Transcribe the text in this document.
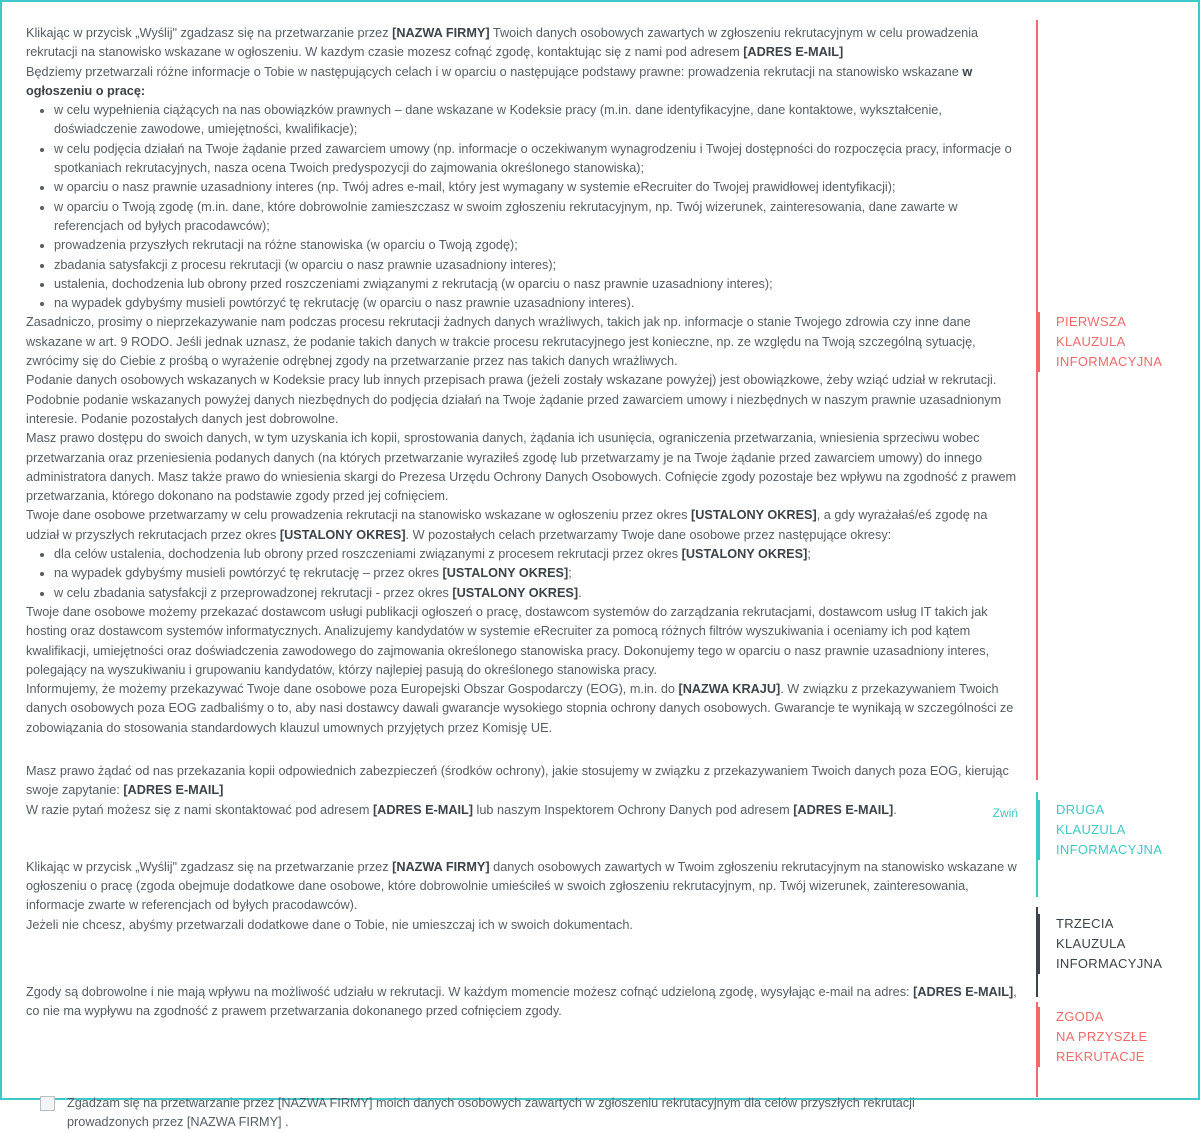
Klikając w przycisk „Wyślij" zgadzasz się na przetwarzanie przez [NAZWA FIRMY] Twoich danych osobowych zawartych w zgłoszeniu rekrutacyjnym w celu prowadzenia rekrutacji na stanowisko wskazane w ogłoszeniu. W kazdym czasie mozesz cofnąć zgodę, kontaktując się z nami pod adresem [ADRES E-MAIL]

Będziemy przetwarzali różne informacje o Tobie w następujących celach i w oparciu o następujące podstawy prawne: prowadzenia rekrutacji na stanowisko wskazane w ogłoszeniu o pracę:

• w celu wypełnienia ciążących na nas obowiązków prawnych – dane wskazane w Kodeksie pracy (m.in. dane identyfikacyjne, dane kontaktowe, wykształcenie, doświadczenie zawodowe, umiejętności, kwalifikacje);
• w celu podjęcia działań na Twoje żądanie przed zawarciem umowy (np. informacje o oczekiwanym wynagrodzeniu i Twojej dostępności do rozpoczęcia pracy, informacje o spotkaniach rekrutacyjnych, nasza ocena Twoich predyspozycji do zajmowania określonego stanowiska);
• w oparciu o nasz prawnie uzasadniony interes (np. Twój adres e-mail, który jest wymagany w systemie eRecruiter do Twojej prawidłowej identyfikacji);
• w oparciu o Twoją zgodę (m.in. dane, które dobrowolnie zamieszczasz w swoim zgłoszeniu rekrutacyjnym, np. Twój wizerunek, zainteresowania, dane zawarte w referencjach od byłych pracodawców);
• prowadzenia przyszłych rekrutacji na różne stanowiska (w oparciu o Twoją zgodę);
• zbadania satysfakcji z procesu rekrutacji (w oparciu o nasz prawnie uzasadniony interes);
• ustalenia, dochodzenia lub obrony przed roszczeniami związanymi z rekrutacją (w oparciu o nasz prawnie uzasadniony interes);
• na wypadek gdybyśmy musieli powtórzyć tę rekrutację (w oparciu o nasz prawnie uzasadniony interes).

Zasadniczo, prosimy o nieprzekazywanie nam podczas procesu rekrutacji żadnych danych wrażliwych, takich jak np. informacje o stanie Twojego zdrowia czy inne dane wskazane w art. 9 RODO. Jeśli jednak uznasz, że podanie takich danych w trakcie procesu rekrutacyjnego jest konieczne, np. ze względu na Twoją szczególną sytuację, zwrócimy się do Ciebie z prośbą o wyrażenie odrębnej zgody na przetwarzanie przez nas takich danych wrażliwych.

Podanie danych osobowych wskazanych w Kodeksie pracy lub innych przepisach prawa (jeżeli zostały wskazane powyżej) jest obowiązkowe, żeby wziąć udział w rekrutacji. Podobnie podanie wskazanych powyżej danych niezbędnych do podjęcia działań na Twoje żądanie przed zawarciem umowy i niezbędnych w naszym prawnie uzasadnionym interesie. Podanie pozostałych danych jest dobrowolne.

Masz prawo dostępu do swoich danych, w tym uzyskania ich kopii, sprostowania danych, żądania ich usunięcia, ograniczenia przetwarzania, wniesienia sprzeciwu wobec przetwarzania oraz przeniesienia podanych danych (na których przetwarzanie wyraziłeś zgodę lub przetwarzamy je na Twoje żądanie przed zawarciem umowy) do innego administratora danych. Masz także prawo do wniesienia skargi do Prezesa Urzędu Ochrony Danych Osobowych. Cofnięcie zgody pozostaje bez wpływu na zgodność z prawem przetwarzania, którego dokonano na podstawie zgody przed jej cofnięciem.

Twoje dane osobowe przetwarzamy w celu prowadzenia rekrutacji na stanowisko wskazane w ogłoszeniu przez okres [USTALONY OKRES], a gdy wyrażałaś/eś zgodę na udział w przyszłych rekrutacjach przez okres [USTALONY OKRES]. W pozostałych celach przetwarzamy Twoje dane osobowe przez następujące okresy:

• dla celów ustalenia, dochodzenia lub obrony przed roszczeniami związanymi z procesem rekrutacji przez okres [USTALONY OKRES];
• na wypadek gdybyśmy musieli powtórzyć tę rekrutację – przez okres [USTALONY OKRES];
• w celu zbadania satysfakcji z przeprowadzonej rekrutacji - przez okres [USTALONY OKRES].

Twoje dane osobowe możemy przekazać dostawcom usługi publikacji ogłoszeń o pracę, dostawcom systemów do zarządzania rekrutacjami, dostawcom usług IT takich jak hosting oraz dostawcom systemów informatycznych. Analizujemy kandydatów w systemie eRecruiter za pomocą różnych filtrów wyszukiwania i oceniamy ich pod kątem kwalifikacji, umiejętności oraz doświadczenia zawodowego do zajmowania określonego stanowiska pracy. Dokonujemy tego w oparciu o nasz prawnie uzasadniony interes, polegający na wyszukiwaniu i grupowaniu kandydatów, którzy najlepiej pasują do określonego stanowiska pracy.

Informujemy, że możemy przekazywać Twoje dane osobowe poza Europejski Obszar Gospodarczy (EOG), m.in. do [NAZWA KRAJU]. W związku z przekazywaniem Twoich danych osobowych poza EOG zadbaliśmy o to, aby nasi dostawcy dawali gwarancje wysokiego stopnia ochrony danych osobowych. Gwarancje te wynikają w szczególności ze zobowiązania do stosowania standardowych klauzul umownych przyjętych przez Komisję UE.

Masz prawo żądać od nas przekazania kopii odpowiednich zabezpieczeń (środków ochrony), jakie stosujemy w związku z przekazywaniem Twoich danych poza EOG, kierując swoje zapytanie: [ADRES E-MAIL]

W razie pytań możesz się z nami skontaktować pod adresem [ADRES E-MAIL] lub naszym Inspektorem Ochrony Danych pod adresem [ADRES E-MAIL].	Zwiń

Klikając w przycisk „Wyślij" zgadzasz się na przetwarzanie przez [NAZWA FIRMY] danych osobowych zawartych w Twoim zgłoszeniu rekrutacyjnym na stanowisko wskazane w ogłoszeniu o pracę (zgoda obejmuje dodatkowe dane osobowe, które dobrowolnie umieściłeś w swoich zgłoszeniu rekrutacyjnym, np. Twój wizerunek, zainteresowania, informacje zwarte w referencjach od byłych pracodawców).

Jeżeli nie chcesz, abyśmy przetwarzali dodatkowe dane o Tobie, nie umieszczaj ich w swoich dokumentach.

Zgody są dobrowolne i nie mają wpływu na możliwość udziału w rekrutacji. W każdym momencie możesz cofnąć udzieloną zgodę, wysyłając e-mail na adres: [ADRES E-MAIL], co nie ma wypływu na zgodność z prawem przetwarzania dokonanego przed cofnięciem zgody.

Zgadzam się na przetwarzanie przez [NAZWA FIRMY] moich danych osobowych zawartych w zgłoszeniu rekrutacyjnym dla celów przyszłych rekrutacji prowadzonych przez [NAZWA FIRMY] .
PIERWSZA
KLAUZULA
INFORMACYJNA
DRUGA
KLAUZULA
INFORMACYJNA
TRZECIA
KLAUZULA
INFORMACYJNA
ZGODA
NA PRZYSZŁE
REKRUTACJE
